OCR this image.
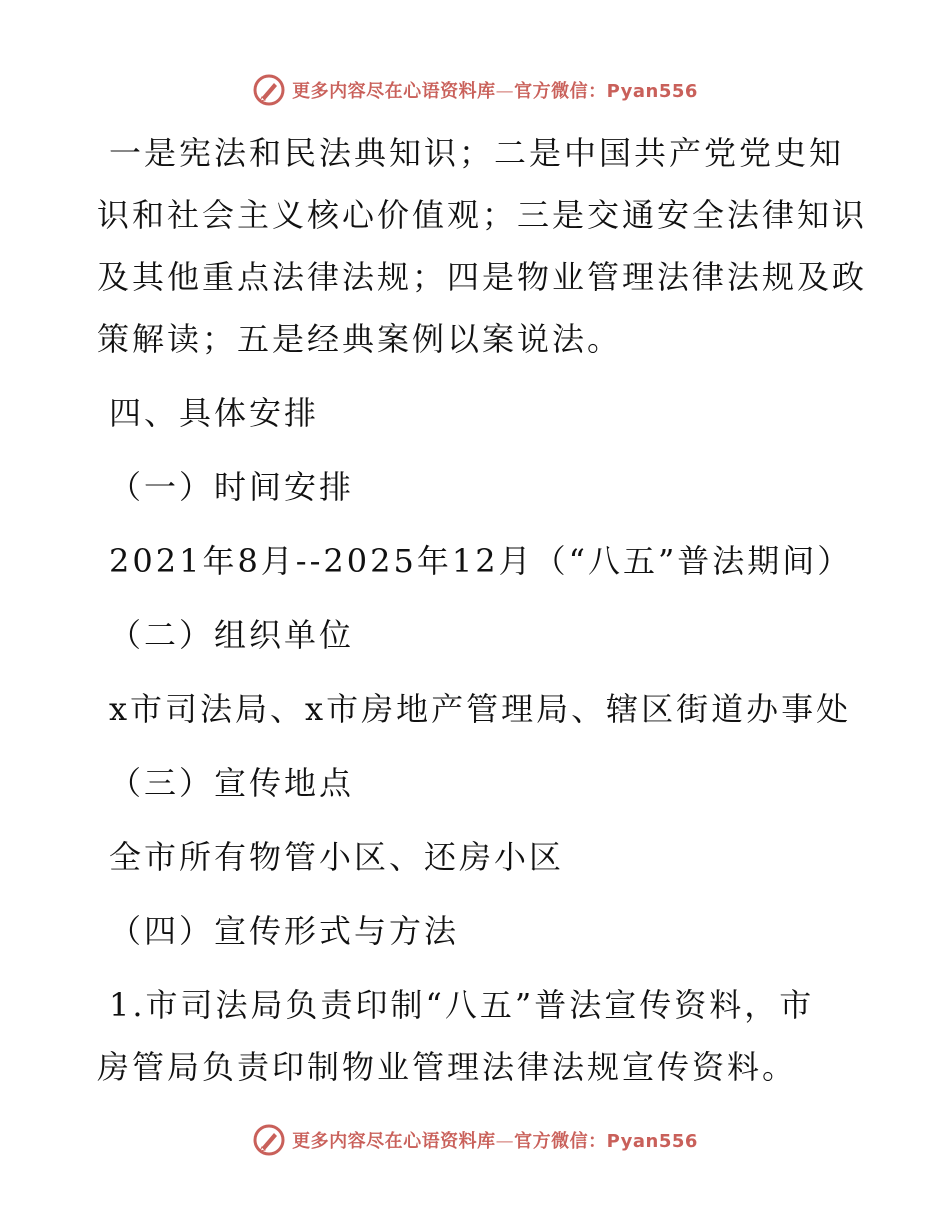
更多内容尽在心语资料库—官方微信：Pyan556
一是宪法和民法典知识；二是中国共产党党史知
识和社会主义核心价值观；三是交通安全法律知识
及其他重点法律法规；四是物业管理法律法规及政
策解读；五是经典案例以案说法。
四、具体安排
（一）时间安排
2021年8月--2025年12月（“八五”普法期间）
（二）组织单位
x市司法局、x市房地产管理局、辖区街道办事处
（三）宣传地点
全市所有物管小区、还房小区
（四）宣传形式与方法
1.市司法局负责印制“八五”普法宣传资料，市
房管局负责印制物业管理法律法规宣传资料。
更多内容尽在心语资料库—官方微信：Pyan556
